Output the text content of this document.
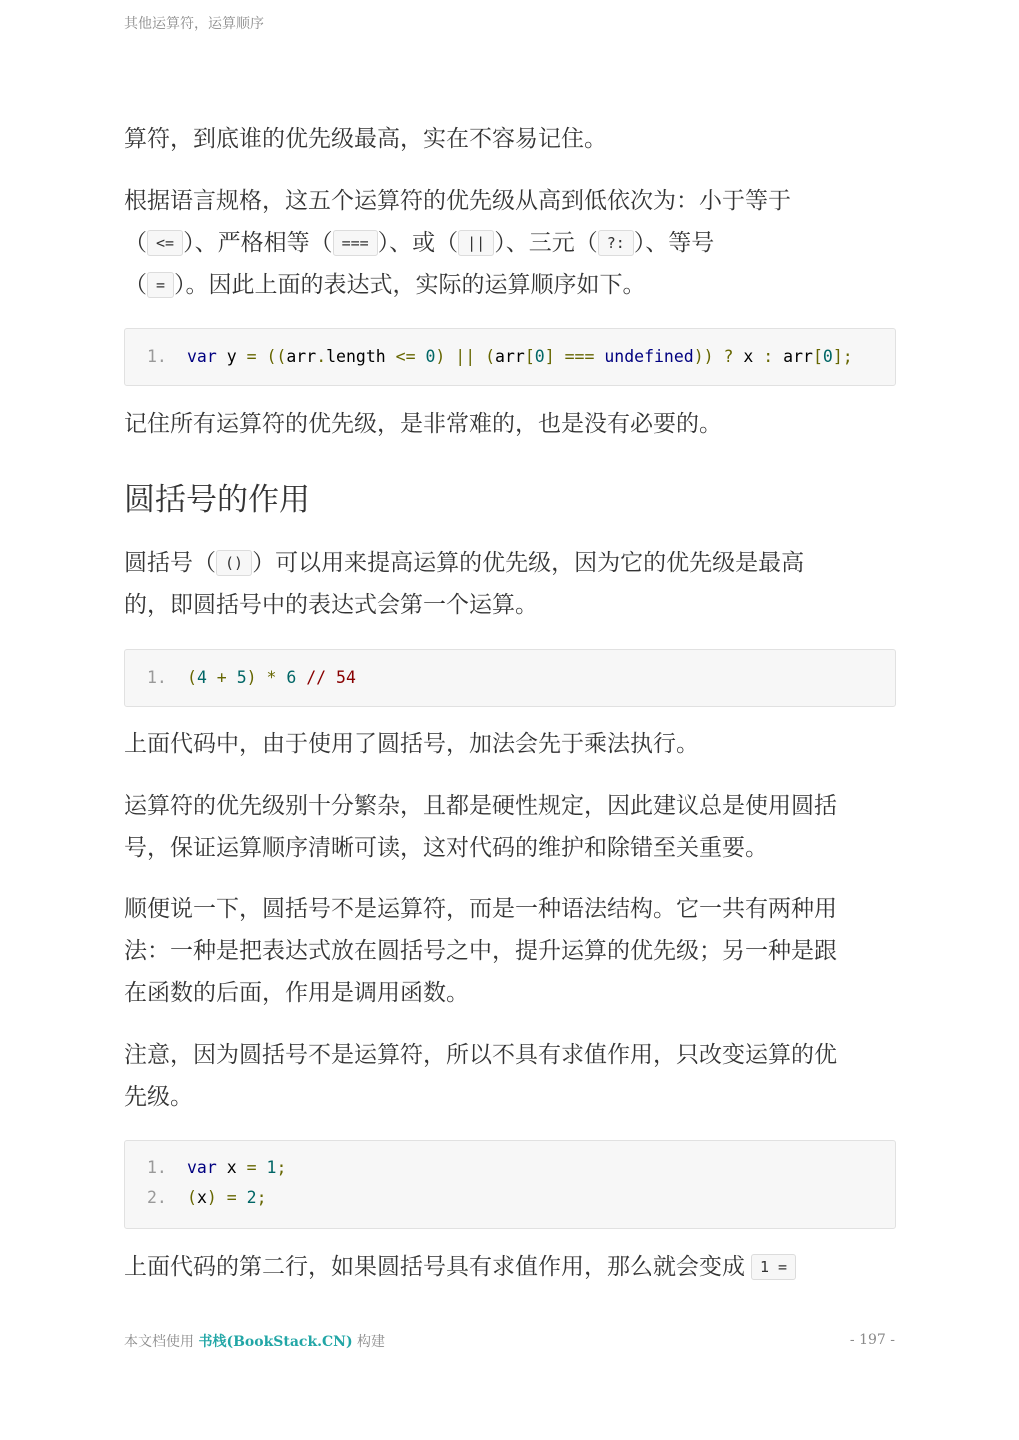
其他运算符，运算顺序

算符，到底谁的优先级最高，实在不容易记住。

根据语言规格，这五个运算符的优先级从高到低依次为：小于等于
（ <= ）、严格相等（ === ）、或（ || ）、三元（ ?: ）、等号
（ = ）。因此上面的表达式，实际的运算顺序如下。

1. var y = ((arr.length <= 0) || (arr[0] === undefined)) ? x : arr[0];

记住所有运算符的优先级，是非常难的，也是没有必要的。

圆括号的作用

圆括号（ () ）可以用来提高运算的优先级，因为它的优先级是最高
的，即圆括号中的表达式会第一个运算。

1. (4 + 5) * 6 // 54

上面代码中，由于使用了圆括号，加法会先于乘法执行。

运算符的优先级别十分繁杂，且都是硬性规定，因此建议总是使用圆括
号，保证运算顺序清晰可读，这对代码的维护和除错至关重要。

顺便说一下，圆括号不是运算符，而是一种语法结构。它一共有两种用
法：一种是把表达式放在圆括号之中，提升运算的优先级；另一种是跟
在函数的后面，作用是调用函数。

注意，因为圆括号不是运算符，所以不具有求值作用，只改变运算的优
先级。

1. var x = 1;
2. (x) = 2;

上面代码的第二行，如果圆括号具有求值作用，那么就会变成 1 =

本文档使用 书栈(BookStack.CN) 构建	- 197 -
